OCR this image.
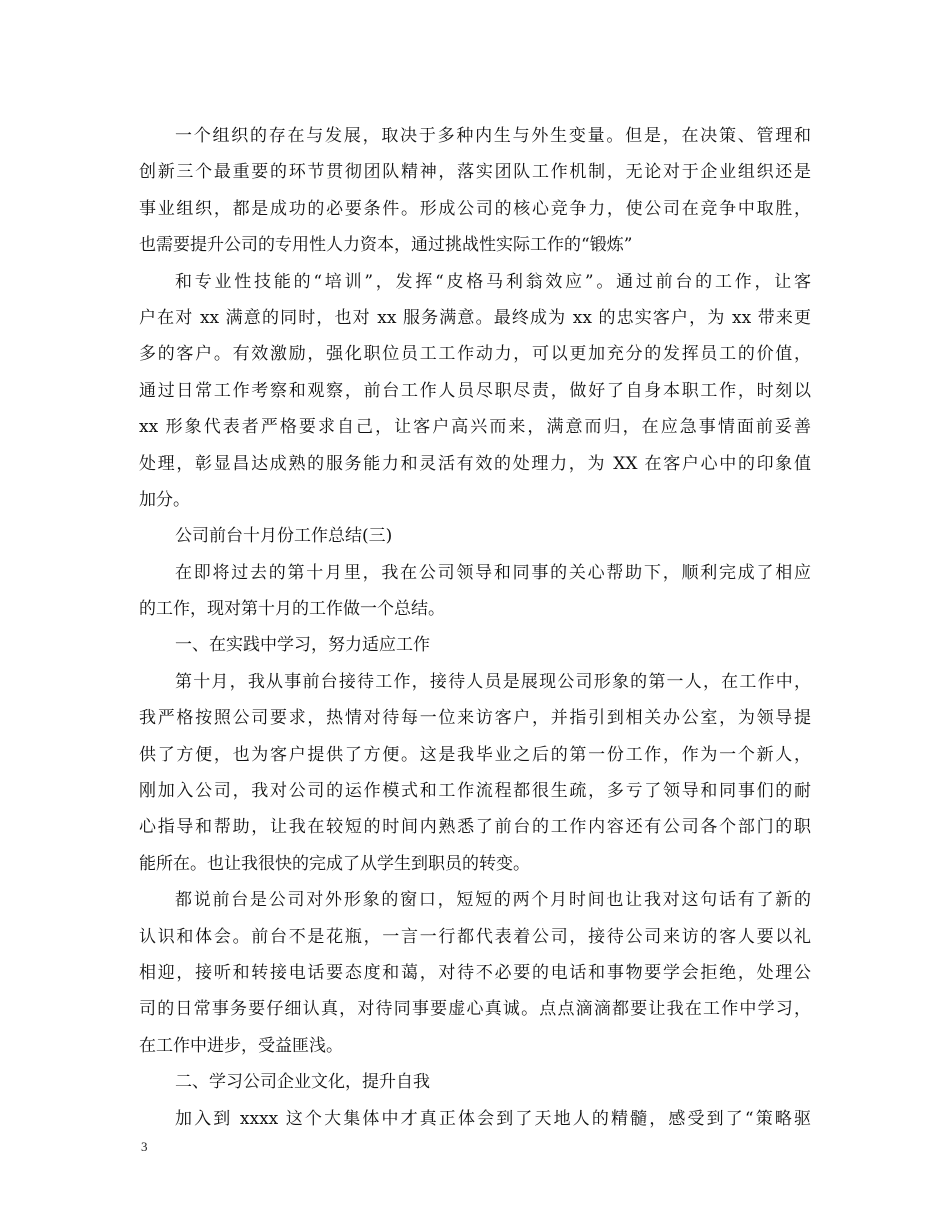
一个组织的存在与发展，取决于多种内生与外生变量。但是，在决策、管理和
创新三个最重要的环节贯彻团队精神，落实团队工作机制，无论对于企业组织还是
事业组织，都是成功的必要条件。形成公司的核心竞争力，使公司在竞争中取胜，
也需要提升公司的专用性人力资本，通过挑战性实际工作的“锻炼”
和专业性技能的“培训”，发挥“皮格马利翁效应”。通过前台的工作，让客
户在对 xx 满意的同时，也对 xx 服务满意。最终成为 xx 的忠实客户，为 xx 带来更
多的客户。有效激励，强化职位员工工作动力，可以更加充分的发挥员工的价值，
通过日常工作考察和观察，前台工作人员尽职尽责，做好了自身本职工作，时刻以
xx 形象代表者严格要求自己，让客户高兴而来，满意而归，在应急事情面前妥善
处理，彰显昌达成熟的服务能力和灵活有效的处理力，为 XX 在客户心中的印象值
加分。
公司前台十月份工作总结(三)
在即将过去的第十月里，我在公司领导和同事的关心帮助下，顺利完成了相应
的工作，现对第十月的工作做一个总结。
一、在实践中学习，努力适应工作
第十月，我从事前台接待工作，接待人员是展现公司形象的第一人，在工作中，
我严格按照公司要求，热情对待每一位来访客户，并指引到相关办公室，为领导提
供了方便，也为客户提供了方便。这是我毕业之后的第一份工作，作为一个新人，
刚加入公司，我对公司的运作模式和工作流程都很生疏，多亏了领导和同事们的耐
心指导和帮助，让我在较短的时间内熟悉了前台的工作内容还有公司各个部门的职
能所在。也让我很快的完成了从学生到职员的转变。
都说前台是公司对外形象的窗口，短短的两个月时间也让我对这句话有了新的
认识和体会。前台不是花瓶，一言一行都代表着公司，接待公司来访的客人要以礼
相迎，接听和转接电话要态度和蔼，对待不必要的电话和事物要学会拒绝，处理公
司的日常事务要仔细认真，对待同事要虚心真诚。点点滴滴都要让我在工作中学习，
在工作中进步，受益匪浅。
二、学习公司企业文化，提升自我
加入到 xxxx 这个大集体中才真正体会到了天地人的精髓，感受到了“策略驱
3
